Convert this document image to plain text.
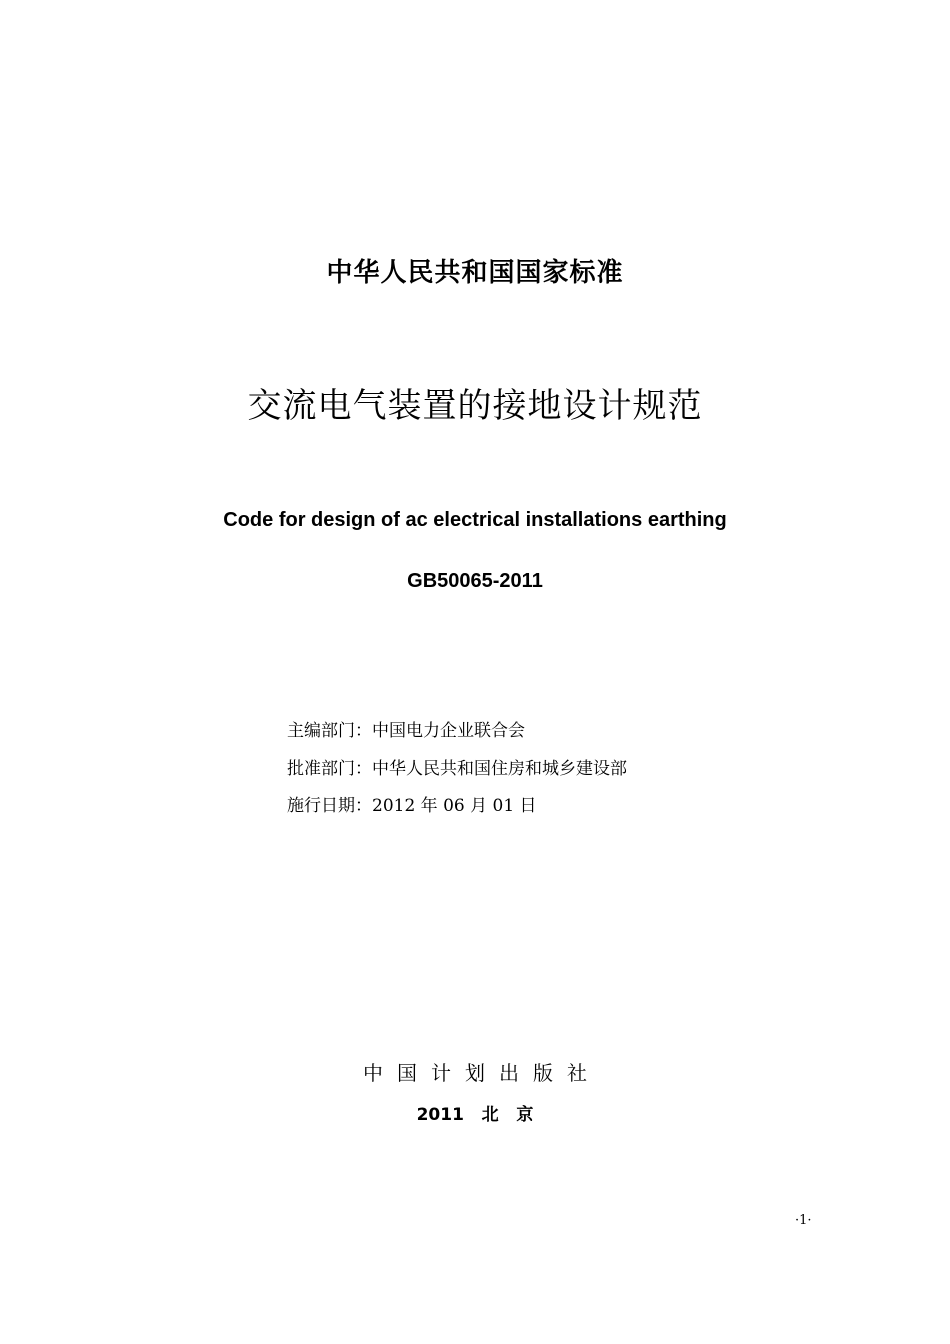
中华人民共和国国家标准
交流电气装置的接地设计规范
Code for design of ac electrical installations earthing
GB50065-2011
主编部门：中国电力企业联合会
批准部门：中华人民共和国住房和城乡建设部
施行日期：2012 年 06 月 01 日
中国计划出版社
2011   北   京
·1·
